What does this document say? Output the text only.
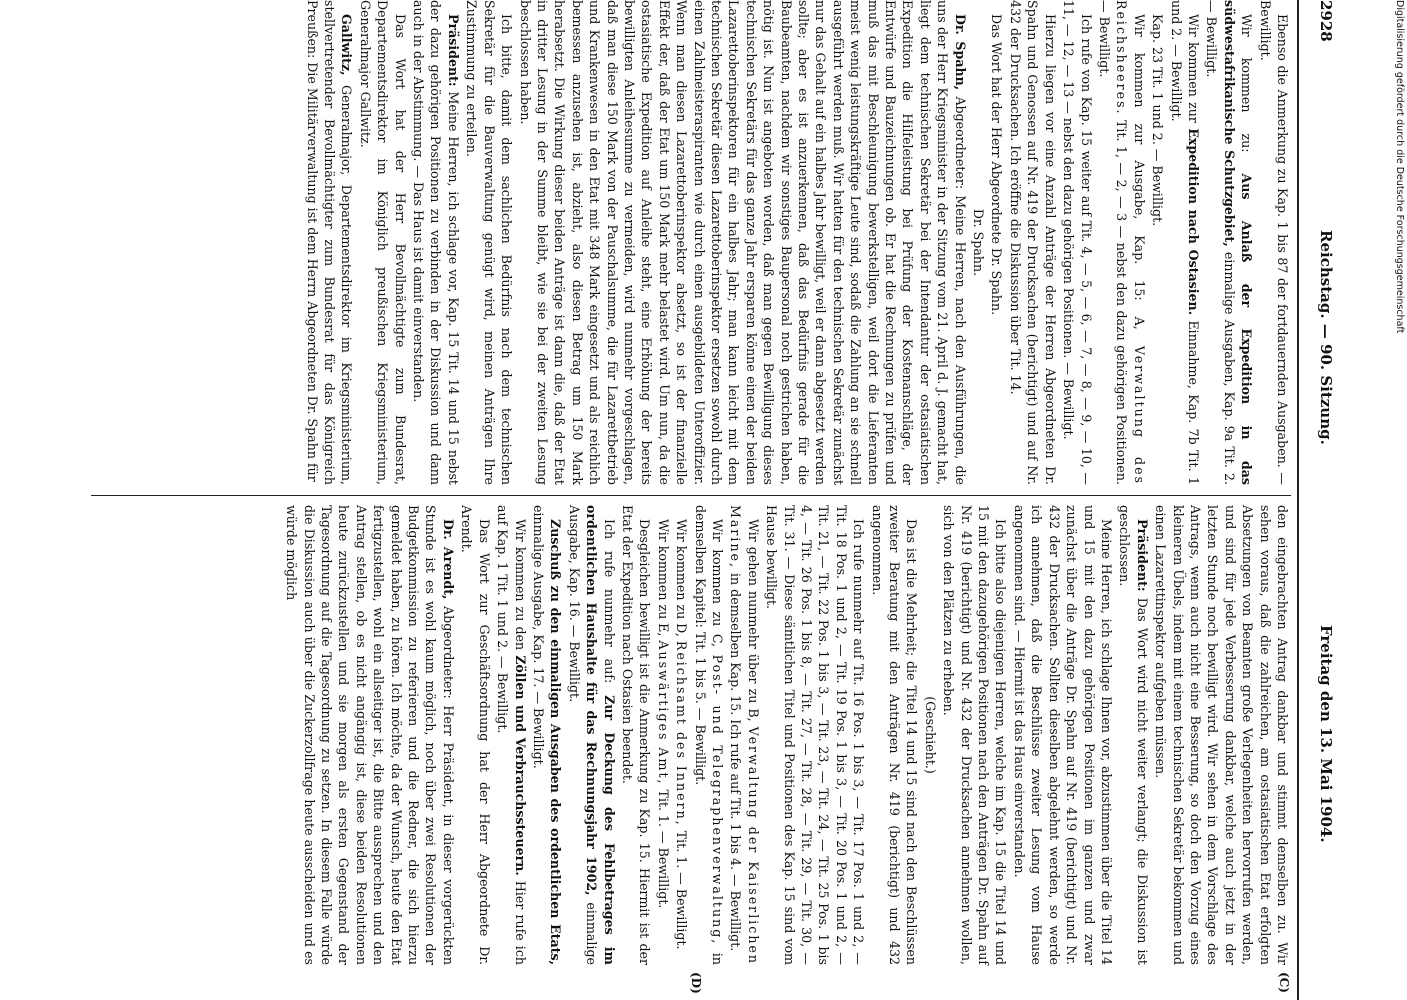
2928
Reichstag. — 90. Sitzung.
Freitag den 13. Mai 1904.
(C)
(D)

Ebenso die Anmerkung zu Kap. 1 bis 87 der fortdauernden Ausgaben. — Bewilligt.

Wir kommen zu: Aus Anlaß der Expedition in das südwestafrikanische Schutzgebiet, einmalige Ausgaben, Kap. 9a Tit. 2. — Bewilligt.

Wir kommen zur Expedition nach Ostasien. Einnahme, Kap. 7b Tit. 1 und 2. — Bewilligt.

Kap. 23 Tit. 1 und 2. — Bewilligt.

Wir kommen zur Ausgabe, Kap. 15: A, Verwaltung des Reichsheeres. Tit. 1, — 2, — 3 — nebst den dazu gehörigen Positionen. — Bewilligt.

Ich rufe von Kap. 15 weiter auf Tit. 4, — 5, — 6, — 7, — 8, — 9, — 10, — 11, — 12, — 13 — nebst den dazu gehörigen Positionen. — Bewilligt.

Hierzu liegen vor eine Anzahl Anträge der Herren Abgeordneten Dr. Spahn und Genossen auf Nr. 419 der Drucksachen (berichtigt) und auf Nr. 432 der Drucksachen. Ich eröffne die Diskussion über Tit. 14.

Das Wort hat der Herr Abgeordnete Dr. Spahn.

Dr. Spahn.

Dr. Spahn, Abgeordneter: Meine Herren, nach den Ausführungen, die uns der Herr Kriegsminister in der Sitzung vom 21. April d. J. gemacht hat, liegt dem technischen Sekretär bei der Intendantur der ostasiatischen Expedition die Hilfeleistung bei Prüfung der Kostenanschläge, der Entwürfe und Bauzeichnungen ob. Er hat die Rechnungen zu prüfen und muß das mit Beschleunigung bewerkstelligen, weil dort die Lieferanten meist wenig leistungskräftige Leute sind, sodaß die Zahlung an sie schnell ausgeführt werden muß. Wir hatten für den technischen Sekretär zunächst nur das Gehalt auf ein halbes Jahr bewilligt, weil er dann abgesetzt werden sollte; aber es ist anzuerkennen, daß das Bedürfnis gerade für die Baubeamten, nachdem wir sonstiges Baupersonal noch gestrichen haben, nötig ist. Nun ist angeboten worden, daß man gegen Bewilligung dieses technischen Sekretärs für das ganze Jahr ersparen könne einen der beiden Lazarettoberinspektoren für ein halbes Jahr; man kann leicht mit dem technischen Sekretär diesen Lazarettoberinspektor ersetzen sowohl durch einen Zahlmeisteraspiranten wie durch einen ausgebildeten Unteroffizier. Wenn man diesen Lazarettoberinspektor absetzt, so ist der finanzielle Effekt der, daß der Etat um 150 Mark mehr belastet wird. Um nun, da die ostasiatische Expedition auf Anleihe steht, eine Erhöhung der bereits bewilligten Anleihesumme zu vermeiden, wird nunmehr vorgeschlagen, daß man diese 150 Mark von der Pauschalsumme, die für Lazarettbetrieb und Krankenwesen in den Etat mit 348 Mark eingesetzt und als reichlich bemessen anzusehen ist, abzieht, also diesen Betrag um 150 Mark herabsetzt. Die Wirkung dieser beiden Anträge ist dann die, daß der Etat in dritter Lesung in der Summe bleibt, wie sie bei der zweiten Lesung beschlossen haben.

Ich bitte, damit dem sachlichen Bedürfnis nach dem technischen Sekretär für die Bauverwaltung genügt wird, meinen Anträgen Ihre Zustimmung zu erteilen.

Präsident: Meine Herren, ich schlage vor, Kap. 15 Tit. 14 und 15 nebst der dazu gehörigen Positionen zu verbinden in der Diskussion und dann auch in der Abstimmung. — Das Haus ist damit einverstanden.

Das Wort hat der Herr Bevollmächtigte zum Bundesrat, Departementsdirektor im Königlich preußischen Kriegsministerium, Generalmajor Gallwitz.

Gallwitz, Generalmajor, Departementsdirektor im Kriegsministerium, stellvertretender Bevollmächtigter zum Bundesrat für das Königreich Preußen: Die Militärverwaltung ist dem Herrn Abgeordneten Dr. Spahn für

den eingebrachten Antrag dankbar und stimmt demselben zu. Wir sehen voraus, daß die zahlreichen, am ostasiatischen Etat erfolgten Absetzungen von Beamten große Verlegenheiten hervorrufen werden, und sind für jede Verbesserung dankbar, welche auch jetzt in der letzten Stunde noch bewilligt wird. Wir sehen in dem Vorschlage des Antrags, wenn auch nicht eine Besserung, so doch den Vorzug eines kleineren Übels, indem mit einem technischen Sekretär bekommen und einen Lazarettinspektor aufgeben müssen.

Präsident: Das Wort wird nicht weiter verlangt; die Diskussion ist geschlossen.

Meine Herren, ich schlage Ihnen vor, abzustimmen über die Titel 14 und 15 mit den dazu gehörigen Positionen im ganzen und zwar zunächst über die Anträge Dr. Spahn auf Nr. 419 (berichtigt) und Nr. 432 der Drucksachen. Sollten dieselben abgelehnt werden, so werde ich annehmen, daß die Beschlüsse zweiter Lesung vom Hause angenommen sind. — Hiermit ist das Haus einverstanden.

Ich bitte also diejenigen Herren, welche im Kap. 15 die Titel 14 und 15 mit den dazugehörigen Positionen nach den Anträgen Dr. Spahn auf Nr. 419 (berichtigt) und Nr. 432 der Drucksachen annehmen wollen, sich von den Plätzen zu erheben.

(Geschieht.)

Das ist die Mehrheit; die Titel 14 und 15 sind nach den Beschlüssen zweiter Beratung mit den Anträgen Nr. 419 (berichtigt) und 432 angenommen.

Ich rufe nunmehr auf Tit. 16 Pos. 1 bis 3, — Tit. 17 Pos. 1 und 2, — Tit. 18 Pos. 1 und 2, — Tit. 19 Pos. 1 bis 3, — Tit. 20 Pos. 1 und 2, — Tit. 21, — Tit. 22 Pos. 1 bis 3, — Tit. 23, — Tit. 24, — Tit. 25 Pos. 1 bis 4, — Tit. 26 Pos. 1 bis 8, — Tit. 27, — Tit. 28, — Tit. 29, — Tit. 30, — Tit. 31. — Diese sämtlichen Titel und Positionen des Kap. 15 sind vom Hause bewilligt.

Wir gehen nunmehr über zu B, Verwaltung der Kaiserlichen Marine, in demselben Kap. 15. Ich rufe auf Tit. 1 bis 4. — Bewilligt.

Wir kommen zu C, Post- und Telegraphenverwaltung, in demselben Kapitel: Tit. 1 bis 5. — Bewilligt.

Wir kommen zu D, Reichsamt des Innern, Tit. 1. — Bewilligt.

Wir kommen zu E, Auswärtiges Amt, Tit. 1. — Bewilligt.

Desgleichen bewilligt ist die Anmerkung zu Kap. 15. Hiermit ist der Etat der Expedition nach Ostasien beendet.

Ich rufe nunmehr auf: Zur Deckung des Fehlbetrages im ordentlichen Haushalte für das Rechnungsjahr 1902, einmalige Ausgabe, Kap. 16. — Bewilligt.

Zuschuß zu den einmaligen Ausgaben des ordentlichen Etats, einmalige Ausgabe, Kap. 17. — Bewilligt.

Wir kommen zu den Zöllen und Verbrauchssteuern. Hier rufe ich auf Kap. 1 Tit. 1 und 2. — Bewilligt.

Das Wort zur Geschäftsordnung hat der Herr Abgeordnete Dr. Arendt.

Dr. Arendt, Abgeordneter: Herr Präsident, in dieser vorgerückten Stunde ist es wohl kaum möglich, noch über zwei Resolutionen der Budgetkommission zu referieren und die Redner, die sich hierzu gemeldet haben, zu hören. Ich möchte, da der Wunsch, heute den Etat fertigzustellen, wohl ein allseitiger ist, die Bitte aussprechen und den Antrag stellen, ob es nicht angängig ist, diese beiden Resolutionen heute zurückzustellen und sie morgen als ersten Gegenstand der Tagesordnung auf die Tagesordnung zu setzen. In diesem Falle würde die Diskussion auch über die Zuckerzollfrage heute ausscheiden und es würde möglich

Digitalisierung gefördert durch die Deutsche Forschungsgemeinschaft
